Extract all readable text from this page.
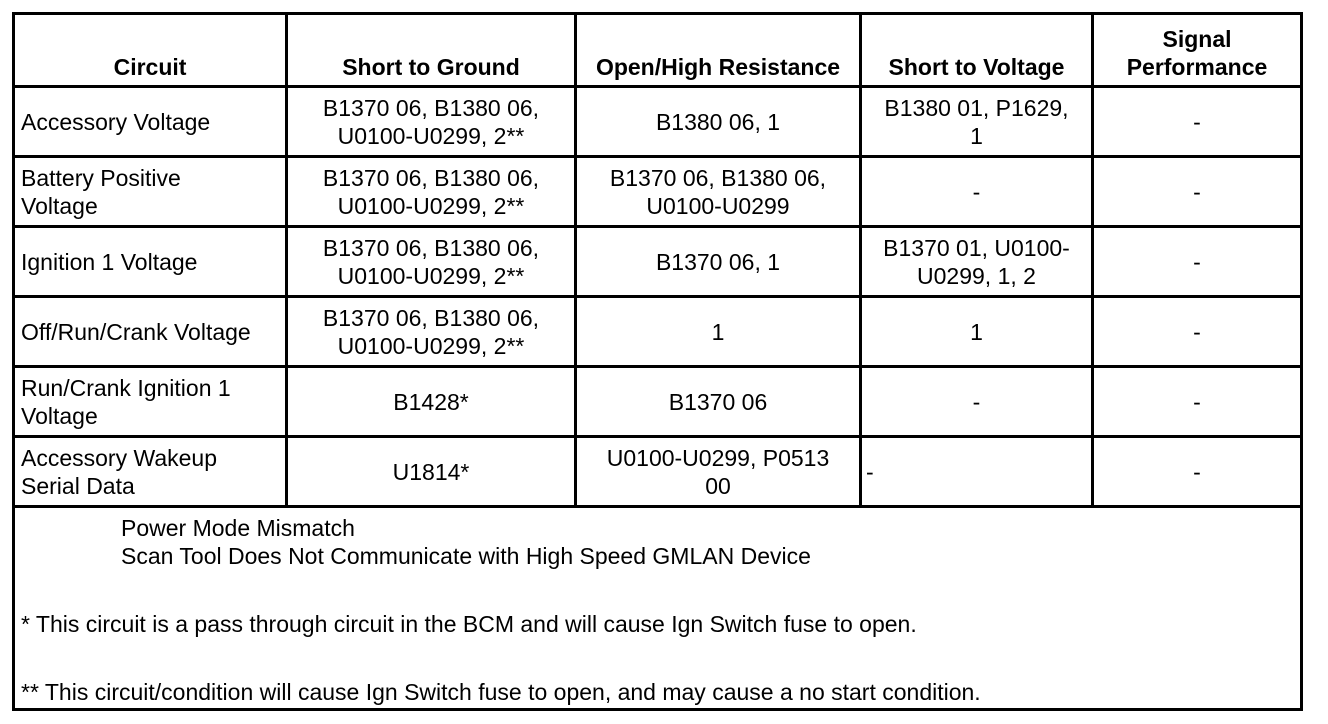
Circuit	Short to Ground	Open/High Resistance	Short to Voltage	Signal Performance

Accessory Voltage	B1370 06, B1380 06,
U0100-U0299, 2**	B1380 06, 1	B1380 01, P1629,
1	-

Battery Positive
Voltage	B1370 06, B1380 06,
U0100-U0299, 2**	B1370 06, B1380 06,
U0100-U0299	-	-

Ignition 1 Voltage	B1370 06, B1380 06,
U0100-U0299, 2**	B1370 06, 1	B1370 01, U0100-
U0299, 1, 2	-

Off/Run/Crank Voltage	B1370 06, B1380 06,
U0100-U0299, 2**	1	1	-

Run/Crank Ignition 1
Voltage	B1428*	B1370 06	-	-

Accessory Wakeup
Serial Data	U1814*	U0100-U0299, P0513
00	-	-

Power Mode Mismatch
Scan Tool Does Not Communicate with High Speed GMLAN Device
* This circuit is a pass through circuit in the BCM and will cause Ign Switch fuse to open.
** This circuit/condition will cause Ign Switch fuse to open, and may cause a no start condition.				
